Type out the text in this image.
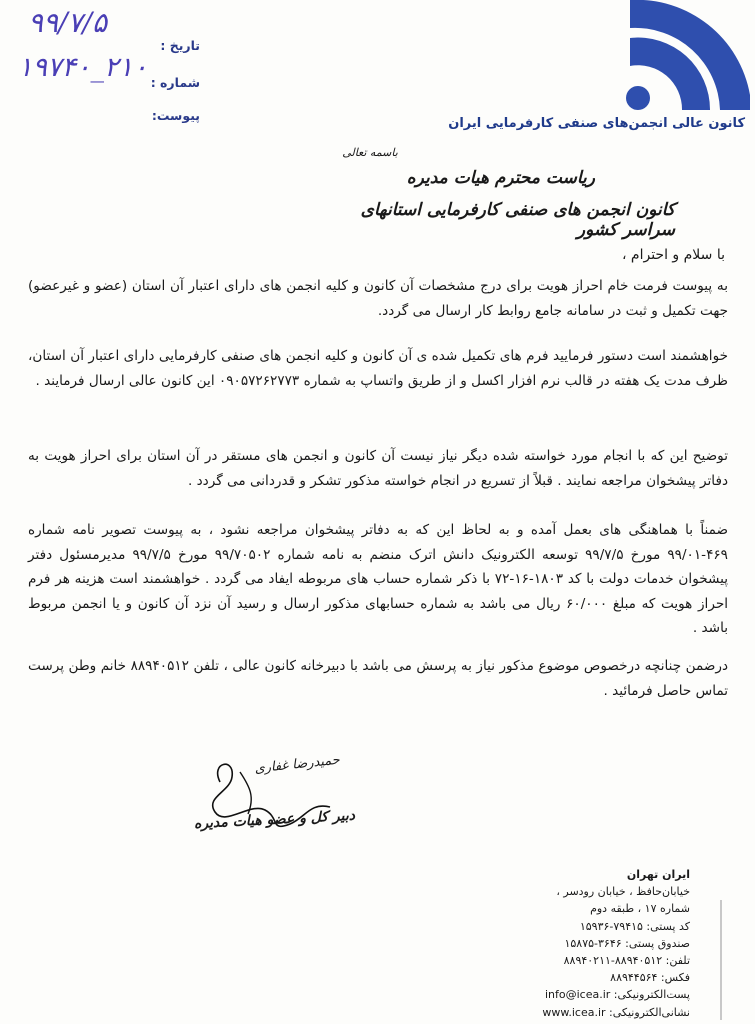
کانون عالی انجمن‌های صنفی کارفرمایی ایران
تاریخ :
شماره :
پیوست:
۹۹/۷/۵
۱۹۷۴۰_۲۱۰
باسمه تعالی
ریاست محترم هیات مدیره
کانون انجمن های صنفی کارفرمایی استانهای سراسر کشور
با سلام و احترام ،
به پیوست فرمت خام احراز هویت برای درج مشخصات آن کانون و کلیه انجمن های دارای اعتبار آن استان (عضو و غیرعضو) جهت تکمیل و ثبت در سامانه جامع روابط کار ارسال می گردد.
خواهشمند است دستور فرمایید فرم های تکمیل شده ی آن کانون و کلیه انجمن های صنفی کارفرمایی دارای اعتبار آن استان، ظرف مدت یک هفته در قالب نرم افزار اکسل و از طریق واتساپ به شماره ۰۹۰۵۷۲۶۲۷۷۳ این کانون عالی ارسال فرمایند .
توضیح این که با انجام مورد خواسته شده دیگر نیاز نیست آن کانون و انجمن های مستقر در آن استان برای احراز هویت به دفاتر پیشخوان مراجعه نمایند . قبلاً از تسریع در انجام خواسته مذکور تشکر و قدردانی می گردد .
ضمناً با هماهنگی های بعمل آمده و به لحاظ این که به دفاتر پیشخوان مراجعه نشود ، به پیوست تصویر نامه شماره ۴۶۹-۹۹/۰۱ مورخ ۹۹/۷/۵ توسعه الکترونیک دانش اترک منضم به نامه شماره ۹۹/۷۰۵۰۲ مورخ ۹۹/۷/۵ مدیرمسئول دفتر پیشخوان خدمات دولت با کد ۱۸۰۳-۱۶-۷۲ با ذکر شماره حساب های مربوطه ایفاد می گردد . خواهشمند است هزینه هر فرم احراز هویت که مبلغ ۶۰/۰۰۰ ریال می باشد به شماره حسابهای مذکور ارسال و رسید آن نزد آن کانون و یا انجمن مربوط باشد .
درضمن چنانچه درخصوص موضوع مذکور نیاز به پرسش می باشد با دبیرخانه کانون عالی ، تلفن ۸۸۹۴۰۵۱۲ خانم وطن پرست تماس حاصل فرمائید .
حمیدرضا غفاری
دبیر کل و عضو هیات مدیره
ایران تهران
خیابان‌حافظ ، خیابان رودسر ،
شماره ۱۷ ، طبقه دوم
کد پستی: ۷۹۴۱۵-۱۵۹۳۶
صندوق پستی: ۳۶۴۶-۱۵۸۷۵
تلفن: ۸۸۹۴۰۵۱۲-۸۸۹۴۰۲۱۱
فکس: ۸۸۹۴۴۵۶۴
پست‌الکترونیکی: info@icea.ir
نشانی‌الکترونیکی: www.icea.ir
